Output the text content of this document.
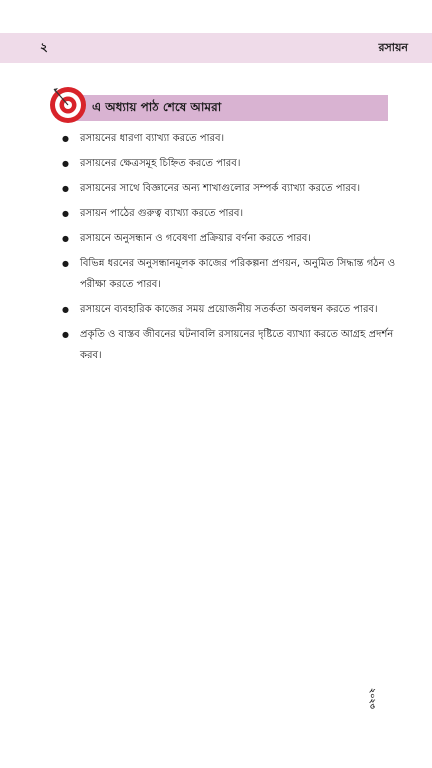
২	রসায়ন
এ অধ্যায় পাঠ শেষে আমরা
● রসায়নের ধারণা ব্যাখ্যা করতে পারব।
● রসায়নের ক্ষেত্রসমূহ চিহ্নিত করতে পারব।
● রসায়নের সাথে বিজ্ঞানের অন্য শাখাগুলোর সম্পর্ক ব্যাখ্যা করতে পারব।
● রসায়ন পাঠের গুরুত্ব ব্যাখ্যা করতে পারব।
● রসায়নে অনুসন্ধান ও গবেষণা প্রক্রিয়ার বর্ণনা করতে পারব।
● বিভিন্ন ধরনের অনুসন্ধানমূলক কাজের পরিকল্পনা প্রণয়ন, অনুমিত সিদ্ধান্ত গঠন ও পরীক্ষা করতে পারব।
● রসায়নে ব্যবহারিক কাজের সময় প্রয়োজনীয় সতর্কতা অবলম্বন করতে পারব।
● প্রকৃতি ও বাস্তব জীবনের ঘটনাবলি রসায়নের দৃষ্টিতে ব্যাখ্যা করতে আগ্রহ প্রদর্শন করব।
২০২৩
